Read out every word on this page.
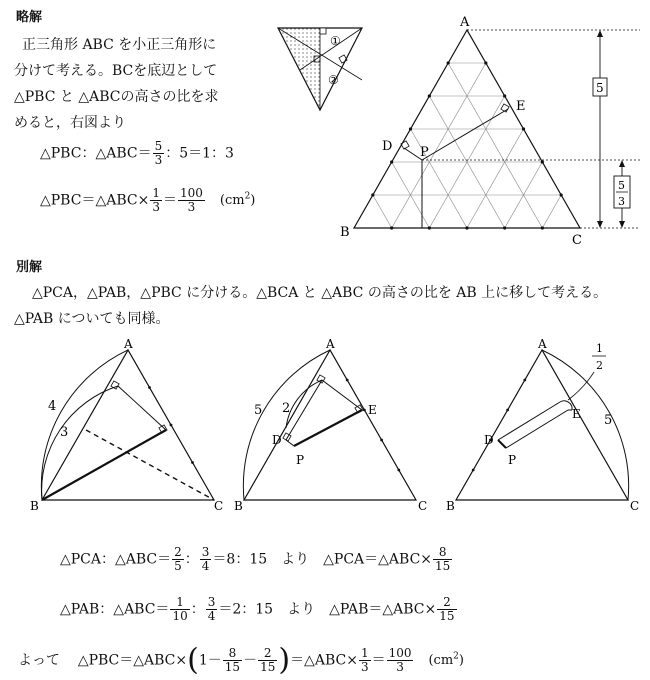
略解
正三角形 ABC を小正三角形に
分けて考える。BCを底辺として
△PBC と △ABCの高さの比を求
めると，右図より
△PBC：△ABC＝ $\frac{5}{3}$ ：5＝1：3
△PBC＝△ABC× $\frac{1}{3} = \frac{100}{3} (cm^2)$
①
②
A
B
C
D
E
P
5
5
3
別解
△PCA，△PAB，△PBC に分ける。△BCA と △ABC の高さの比を AB 上に移して考える。
△PAB についても同様。
A
B	C
4
3
A
B	C
D
E
P
5 2
A
B	C
D
E
P
5
1
2
△PCA：△ABC＝ $\frac{2}{5}$ ： $\frac{3}{4} =8$：15　より　△PCA＝△ABC× $\frac{8}{15}$
△PAB：△ABC＝ $\frac{1}{10}$ ： $\frac{3}{4} =2$：15　より　△PAB＝△ABC× $\frac{2}{15}$
よって △PBC＝△ABC×(1－ $\frac{8}{15} - \frac{2}{15}$ )＝△ABC× $\frac{1}{3} = \frac{100}{3} (cm^2)$
